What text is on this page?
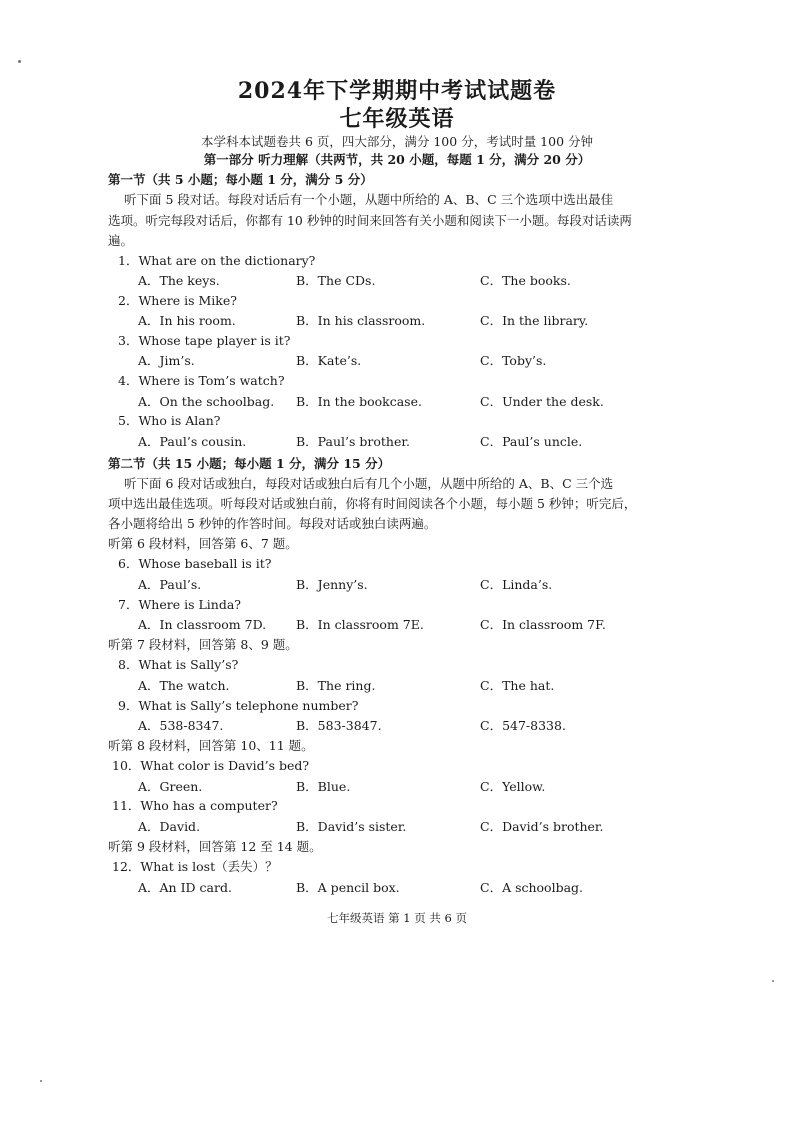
2024年下学期期中考试试题卷
七年级英语
本学科本试题卷共 6 页，四大部分，满分 100 分，考试时量 100 分钟
第一部分 听力理解（共两节，共 20 小题，每题 1 分，满分 20 分）
第一节（共 5 小题；每小题 1 分，满分 5 分）
听下面 5 段对话。每段对话后有一个小题，从题中所给的 A、B、C 三个选项中选出最佳
选项。听完每段对话后，你都有 10 秒钟的时间来回答有关小题和阅读下一小题。每段对话读两
遍。
1．What are on the dictionary?
A．The keys.	B．The CDs.	C．The books.
2．Where is Mike?
A．In his room.	B．In his classroom.	C．In the library.
3．Whose tape player is it?
A．Jim’s.	B．Kate’s.	C．Toby’s.
4．Where is Tom’s watch?
A．On the schoolbag. B．In the bookcase.	C．Under the desk.
5．Who is Alan?
A．Paul’s cousin.	B．Paul’s brother.	C．Paul’s uncle.
第二节（共 15 小题；每小题 1 分，满分 15 分）
听下面 6 段对话或独白，每段对话或独白后有几个小题，从题中所给的 A、B、C 三个选
项中选出最佳选项。听每段对话或独白前，你将有时间阅读各个小题，每小题 5 秒钟；听完后，
各小题将给出 5 秒钟的作答时间。每段对话或独白读两遍。
听第 6 段材料，回答第 6、7 题。
6．Whose baseball is it?
A．Paul’s.	B．Jenny’s.	C．Linda’s.
7．Where is Linda?
A．In classroom 7D. B．In classroom 7E.	C．In classroom 7F.
听第 7 段材料，回答第 8、9 题。
8．What is Sally’s?
A．The watch.	B．The ring.	C．The hat.
9．What is Sally’s telephone number?
A．538-8347.	B．583-3847.	C．547-8338.
听第 8 段材料，回答第 10、11 题。
10．What color is David’s bed?
A．Green.	B．Blue.	C．Yellow.
11．Who has a computer?
A．David.	B．David’s sister.	C．David’s brother.
听第 9 段材料，回答第 12 至 14 题。
12．What is lost（丢失）？
A．An ID card.	B．A pencil box.	C．A schoolbag.
七年级英语 第 1 页 共 6 页
